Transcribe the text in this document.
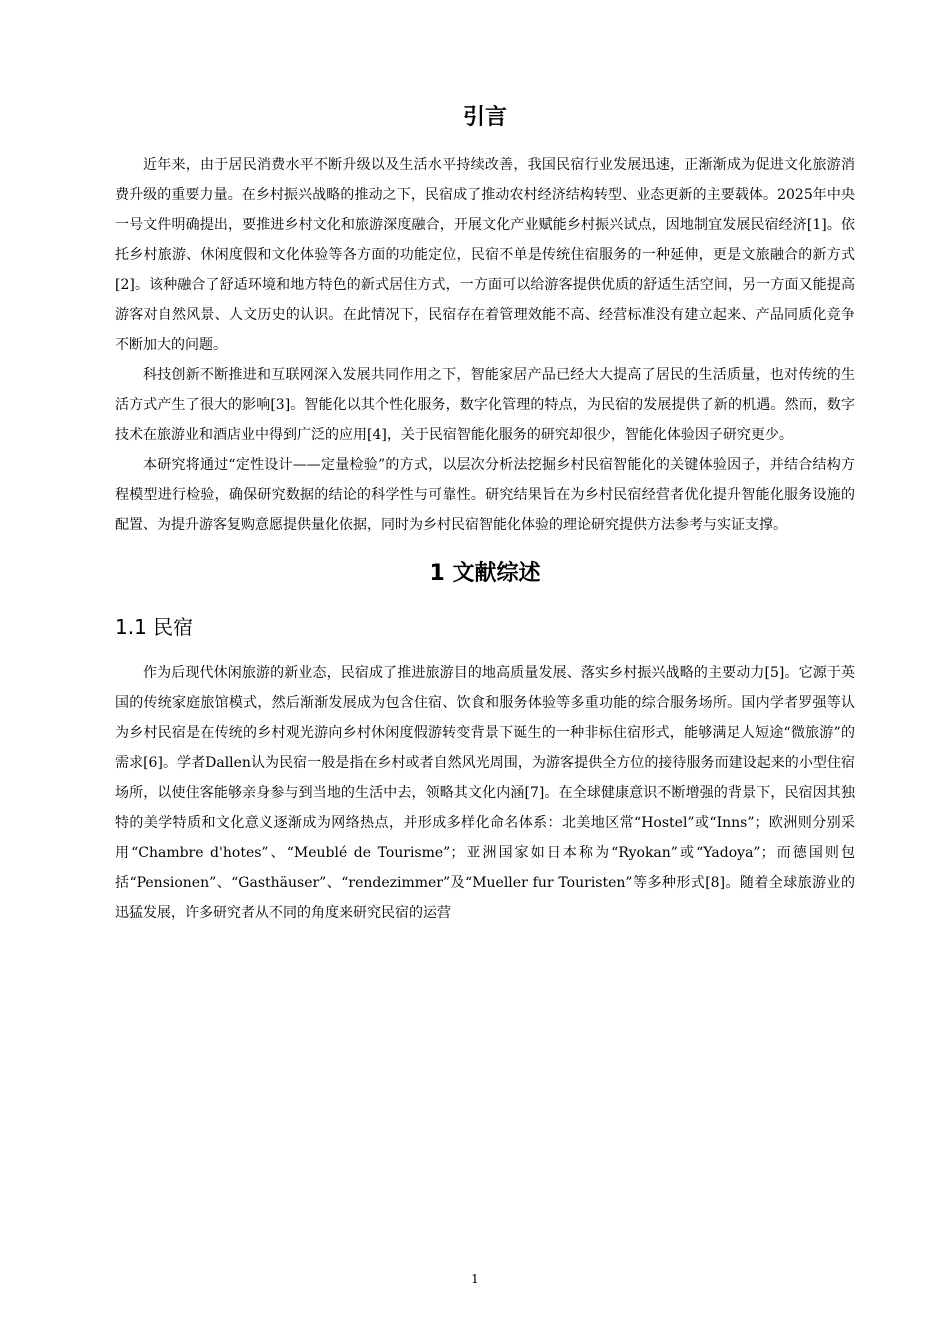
引言

近年来，由于居民消费水平不断升级以及生活水平持续改善，我国民宿行业发展迅速，正渐渐成为促进文化旅游消费升级的重要力量。在乡村振兴战略的推动之下，民宿成了推动农村经济结构转型、业态更新的主要载体。2025年中央一号文件明确提出，要推进乡村文化和旅游深度融合，开展文化产业赋能乡村振兴试点，因地制宜发展民宿经济[1]。依托乡村旅游、休闲度假和文化体验等各方面的功能定位，民宿不单是传统住宿服务的一种延伸，更是文旅融合的新方式[2]。该种融合了舒适环境和地方特色的新式居住方式，一方面可以给游客提供优质的舒适生活空间，另一方面又能提高游客对自然风景、人文历史的认识。在此情况下，民宿存在着管理效能不高、经营标准没有建立起来、产品同质化竞争不断加大的问题。

科技创新不断推进和互联网深入发展共同作用之下，智能家居产品已经大大提高了居民的生活质量，也对传统的生活方式产生了很大的影响[3]。智能化以其个性化服务，数字化管理的特点，为民宿的发展提供了新的机遇。然而，数字技术在旅游业和酒店业中得到广泛的应用[4]，关于民宿智能化服务的研究却很少，智能化体验因子研究更少。

本研究将通过“定性设计——定量检验”的方式，以层次分析法挖掘乡村民宿智能化的关键体验因子，并结合结构方程模型进行检验，确保研究数据的结论的科学性与可靠性。研究结果旨在为乡村民宿经营者优化提升智能化服务设施的配置、为提升游客复购意愿提供量化依据，同时为乡村民宿智能化体验的理论研究提供方法参考与实证支撑。

1 文献综述
1.1 民宿

作为后现代休闲旅游的新业态，民宿成了推进旅游目的地高质量发展、落实乡村振兴战略的主要动力[5]。它源于英国的传统家庭旅馆模式，然后渐渐发展成为包含住宿、饮食和服务体验等多重功能的综合服务场所。国内学者罗强等认为乡村民宿是在传统的乡村观光游向乡村休闲度假游转变背景下诞生的一种非标住宿形式，能够满足人短途“微旅游”的需求[6]。学者Dallen认为民宿一般是指在乡村或者自然风光周围，为游客提供全方位的接待服务而建设起来的小型住宿场所，以使住客能够亲身参与到当地的生活中去，领略其文化内涵[7]。在全球健康意识不断增强的背景下，民宿因其独特的美学特质和文化意义逐渐成为网络热点，并形成多样化命名体系：北美地区常“Hostel”或“Inns”；欧洲则分别采用“Chambre d'hotes”、“Meublé de Tourisme”；亚洲国家如日本称为“Ryokan”或“Yadoya”；而德国则包括“Pensionen”、“Gasthäuser”、“rendezimmer”及“Mueller fur Touristen”等多种形式[8]。随着全球旅游业的迅猛发展，许多研究者从不同的角度来研究民宿的运营

1
